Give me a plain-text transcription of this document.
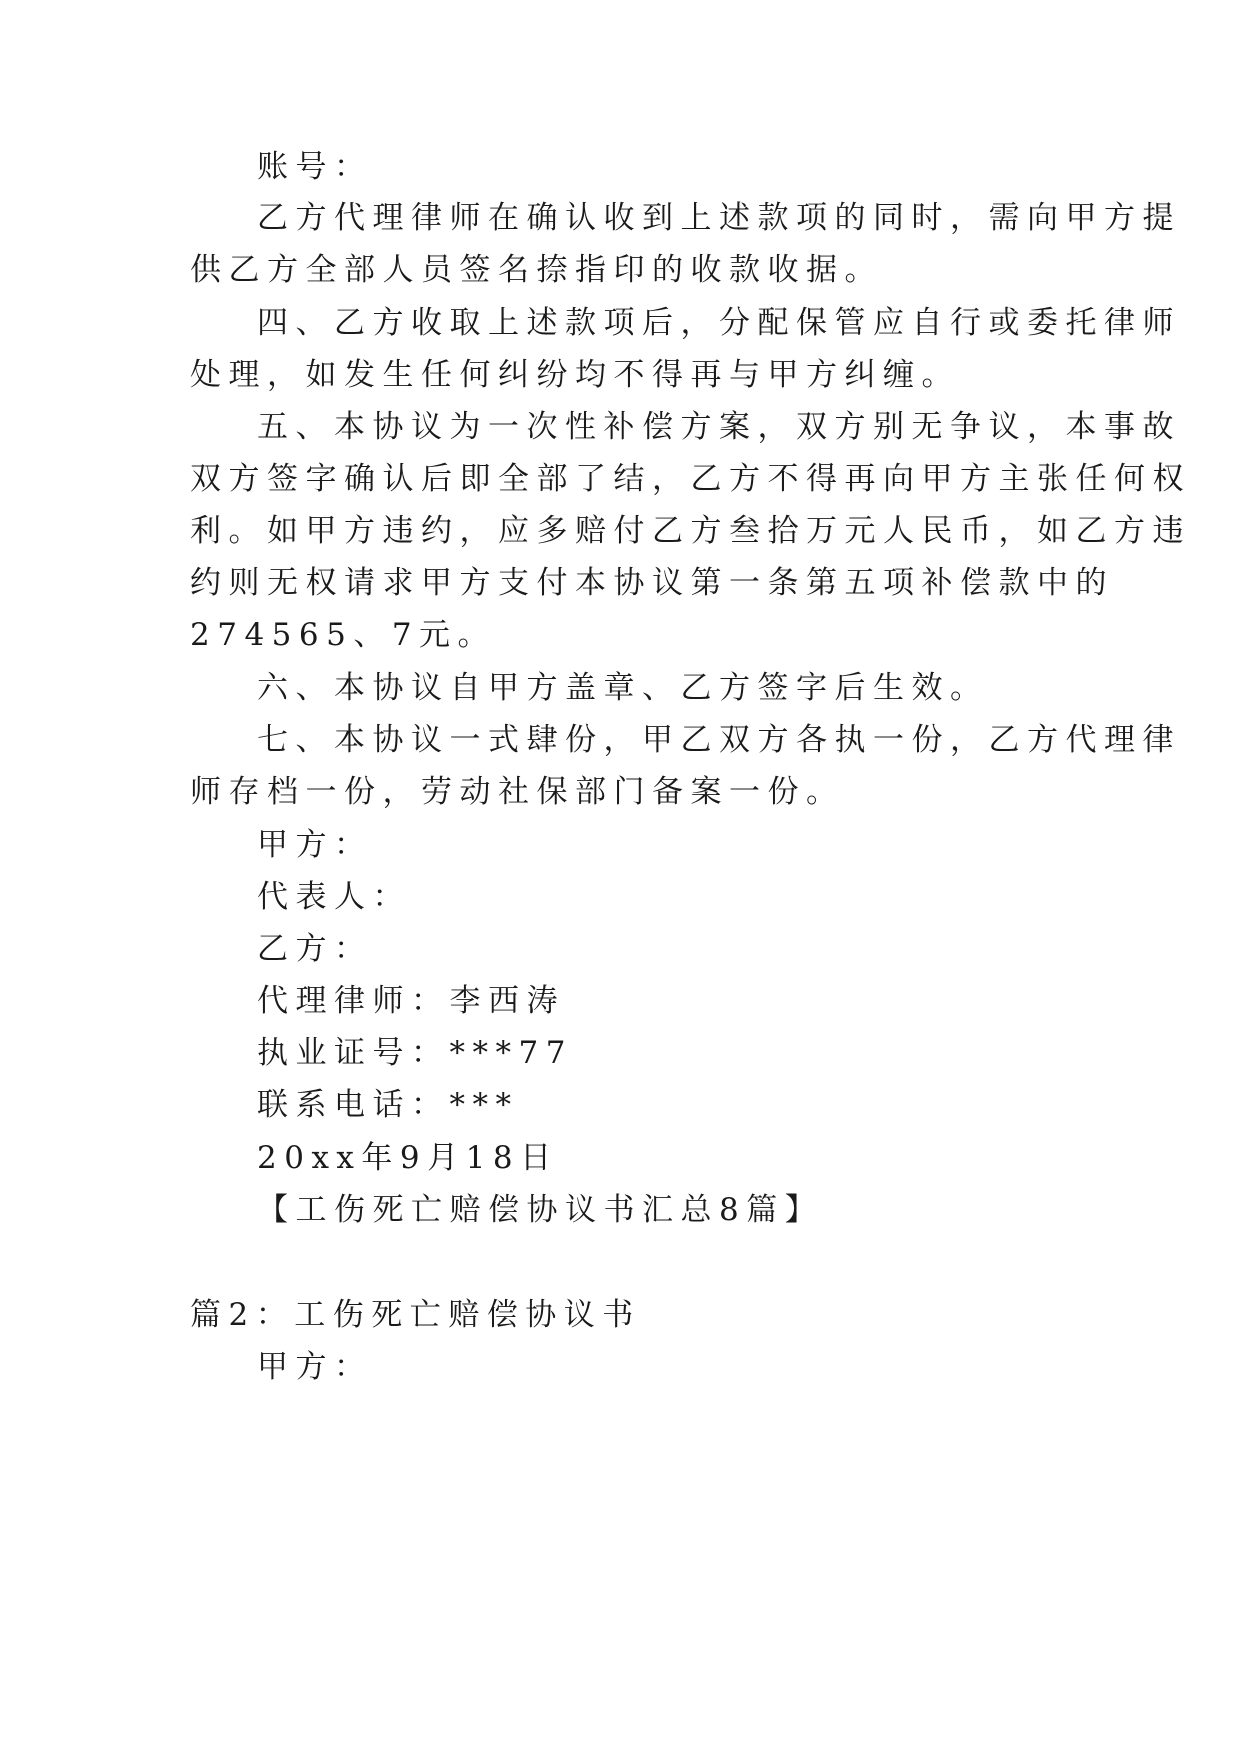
账号：

乙方代理律师在确认收到上述款项的同时，需向甲方提

供乙方全部人员签名捺指印的收款收据。

四、乙方收取上述款项后，分配保管应自行或委托律师

处理，如发生任何纠纷均不得再与甲方纠缠。

五、本协议为一次性补偿方案，双方别无争议，本事故

双方签字确认后即全部了结，乙方不得再向甲方主张任何权

利。如甲方违约，应多赔付乙方叁拾万元人民币，如乙方违

约则无权请求甲方支付本协议第一条第五项补偿款中的

274565、7元。

六、本协议自甲方盖章、乙方签字后生效。

七、本协议一式肆份，甲乙双方各执一份，乙方代理律

师存档一份，劳动社保部门备案一份。

甲方：

代表人：

乙方：

代理律师：李西涛

执业证号：***77

联系电话：***

20xx年9月18日

【工伤死亡赔偿协议书汇总8篇】

篇2：工伤死亡赔偿协议书

甲方：
